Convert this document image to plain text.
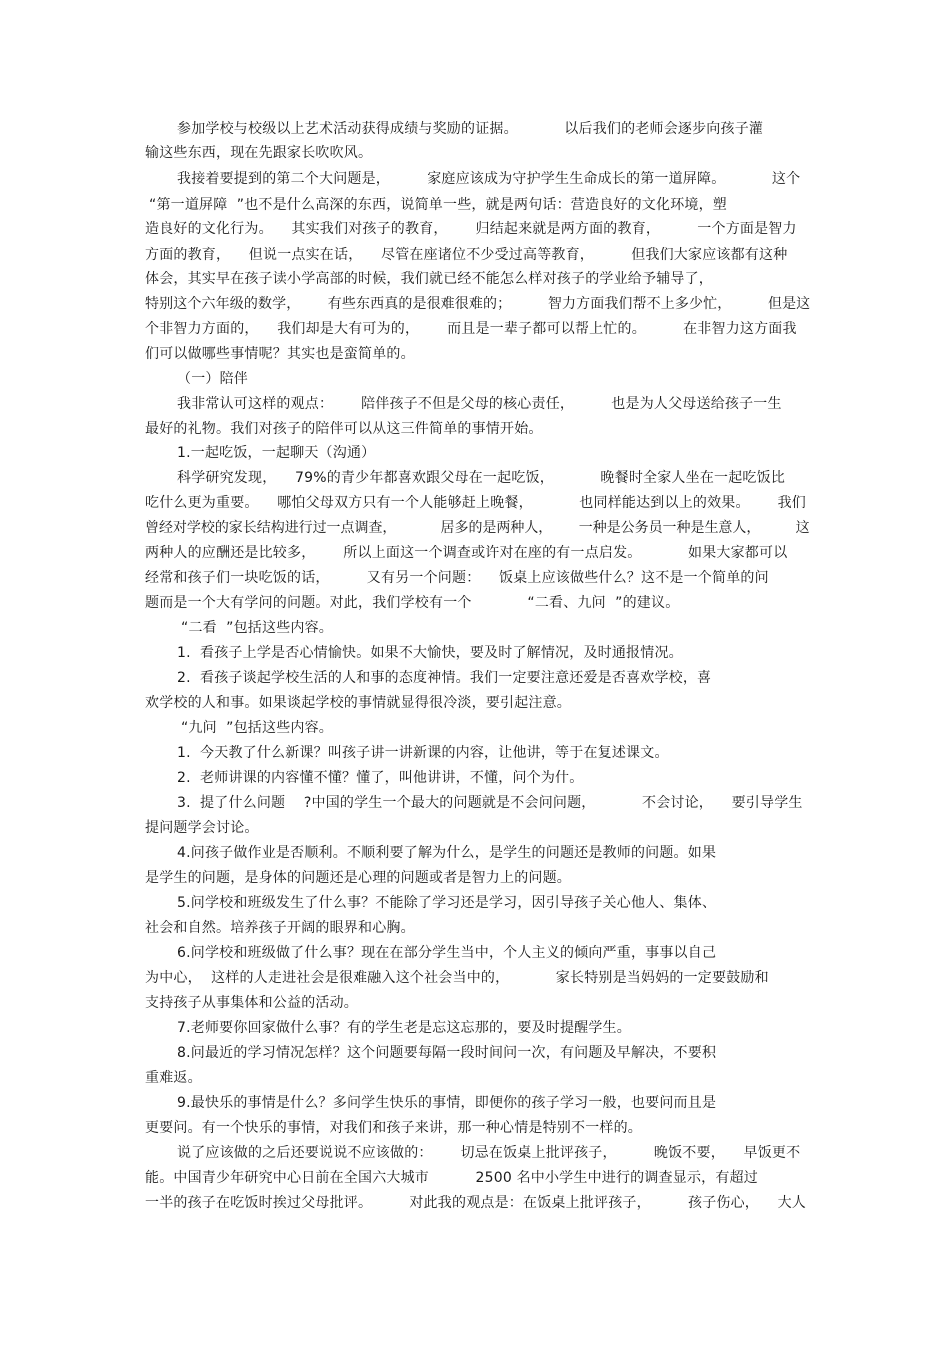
参加学校与校级以上艺术活动获得成绩与奖励的证据。          以后我们的老师会逐步向孩子灌
输这些东西，现在先跟家长吹吹风。
我接着要提到的第二个大问题是，        家庭应该成为守护学生生命成长的第一道屏障。          这个
“第一道屏障  ”也不是什么高深的东西，说简单一些，就是两句话：营造良好的文化环境，塑
造良好的文化行为。    其实我们对孩子的教育，      归结起来就是两方面的教育，        一个方面是智力
方面的教育，    但说一点实在话，    尽管在座诸位不少受过高等教育，        但我们大家应该都有这种
体会，其实早在孩子读小学高部的时候，我们就已经不能怎么样对孩子的学业给予辅导了，
特别这个六年级的数学，      有些东西真的是很难很难的；        智力方面我们帮不上多少忙，        但是这
个非智力方面的，    我们却是大有可为的，      而且是一辈子都可以帮上忙的。        在非智力这方面我
们可以做哪些事情呢？其实也是蛮简单的。
（一）陪伴
我非常认可这样的观点：      陪伴孩子不但是父母的核心责任，        也是为人父母送给孩子一生
最好的礼物。我们对孩子的陪伴可以从这三件简单的事情开始。
1.一起吃饭，一起聊天（沟通）
科学研究发现，    79%的青少年都喜欢跟父母在一起吃饭，          晚餐时全家人坐在一起吃饭比
吃什么更为重要。    哪怕父母双方只有一个人能够赶上晚餐，          也同样能达到以上的效果。      我们
曾经对学校的家长结构进行过一点调查，          居多的是两种人，      一种是公务员一种是生意人，        这
两种人的应酬还是比较多，      所以上面这一个调查或许对在座的有一点启发。          如果大家都可以
经常和孩子们一块吃饭的话，        又有另一个问题：    饭桌上应该做些什么？这不是一个简单的问
题而是一个大有学问的问题。对此，我们学校有一个            “二看、九问  ”的建议。
“二看  ”包括这些内容。
1.  看孩子上学是否心情愉快。如果不大愉快，要及时了解情况，及时通报情况。
2.  看孩子谈起学校生活的人和事的态度神情。我们一定要注意还爱是否喜欢学校，喜
欢学校的人和事。如果谈起学校的事情就显得很冷淡，要引起注意。
“九问  ”包括这些内容。
1.  今天教了什么新课？叫孩子讲一讲新课的内容，让他讲，等于在复述课文。
2.  老师讲课的内容懂不懂？懂了，叫他讲讲，不懂，问个为什。
3.  提了什么问题    ?中国的学生一个最大的问题就是不会问问题，          不会讨论，    要引导学生
提问题学会讨论。
4.问孩子做作业是否顺利。不顺利要了解为什么，是学生的问题还是教师的问题。如果
是学生的问题，是身体的问题还是心理的问题或者是智力上的问题。
5.问学校和班级发生了什么事？不能除了学习还是学习，因引导孩子关心他人、集体、
社会和自然。培养孩子开阔的眼界和心胸。
6.问学校和班级做了什么事？现在在部分学生当中，个人主义的倾向严重，事事以自己
为中心，  这样的人走进社会是很难融入这个社会当中的，          家长特别是当妈妈的一定要鼓励和
支持孩子从事集体和公益的活动。
7.老师要你回家做什么事？有的学生老是忘这忘那的，要及时提醒学生。
8.问最近的学习情况怎样？这个问题要每隔一段时间问一次，有问题及早解决，不要积
重难返。
9.最快乐的事情是什么？多问学生快乐的事情，即便你的孩子学习一般，也要问而且是
更要问。有一个快乐的事情，对我们和孩子来讲，那一种心情是特别不一样的。
说了应该做的之后还要说说不应该做的：      切忌在饭桌上批评孩子，        晚饭不要，    早饭更不
能。中国青少年研究中心日前在全国六大城市          2500 名中小学生中进行的调查显示，有超过
一半的孩子在吃饭时挨过父母批评。        对此我的观点是：在饭桌上批评孩子，        孩子伤心，    大人
